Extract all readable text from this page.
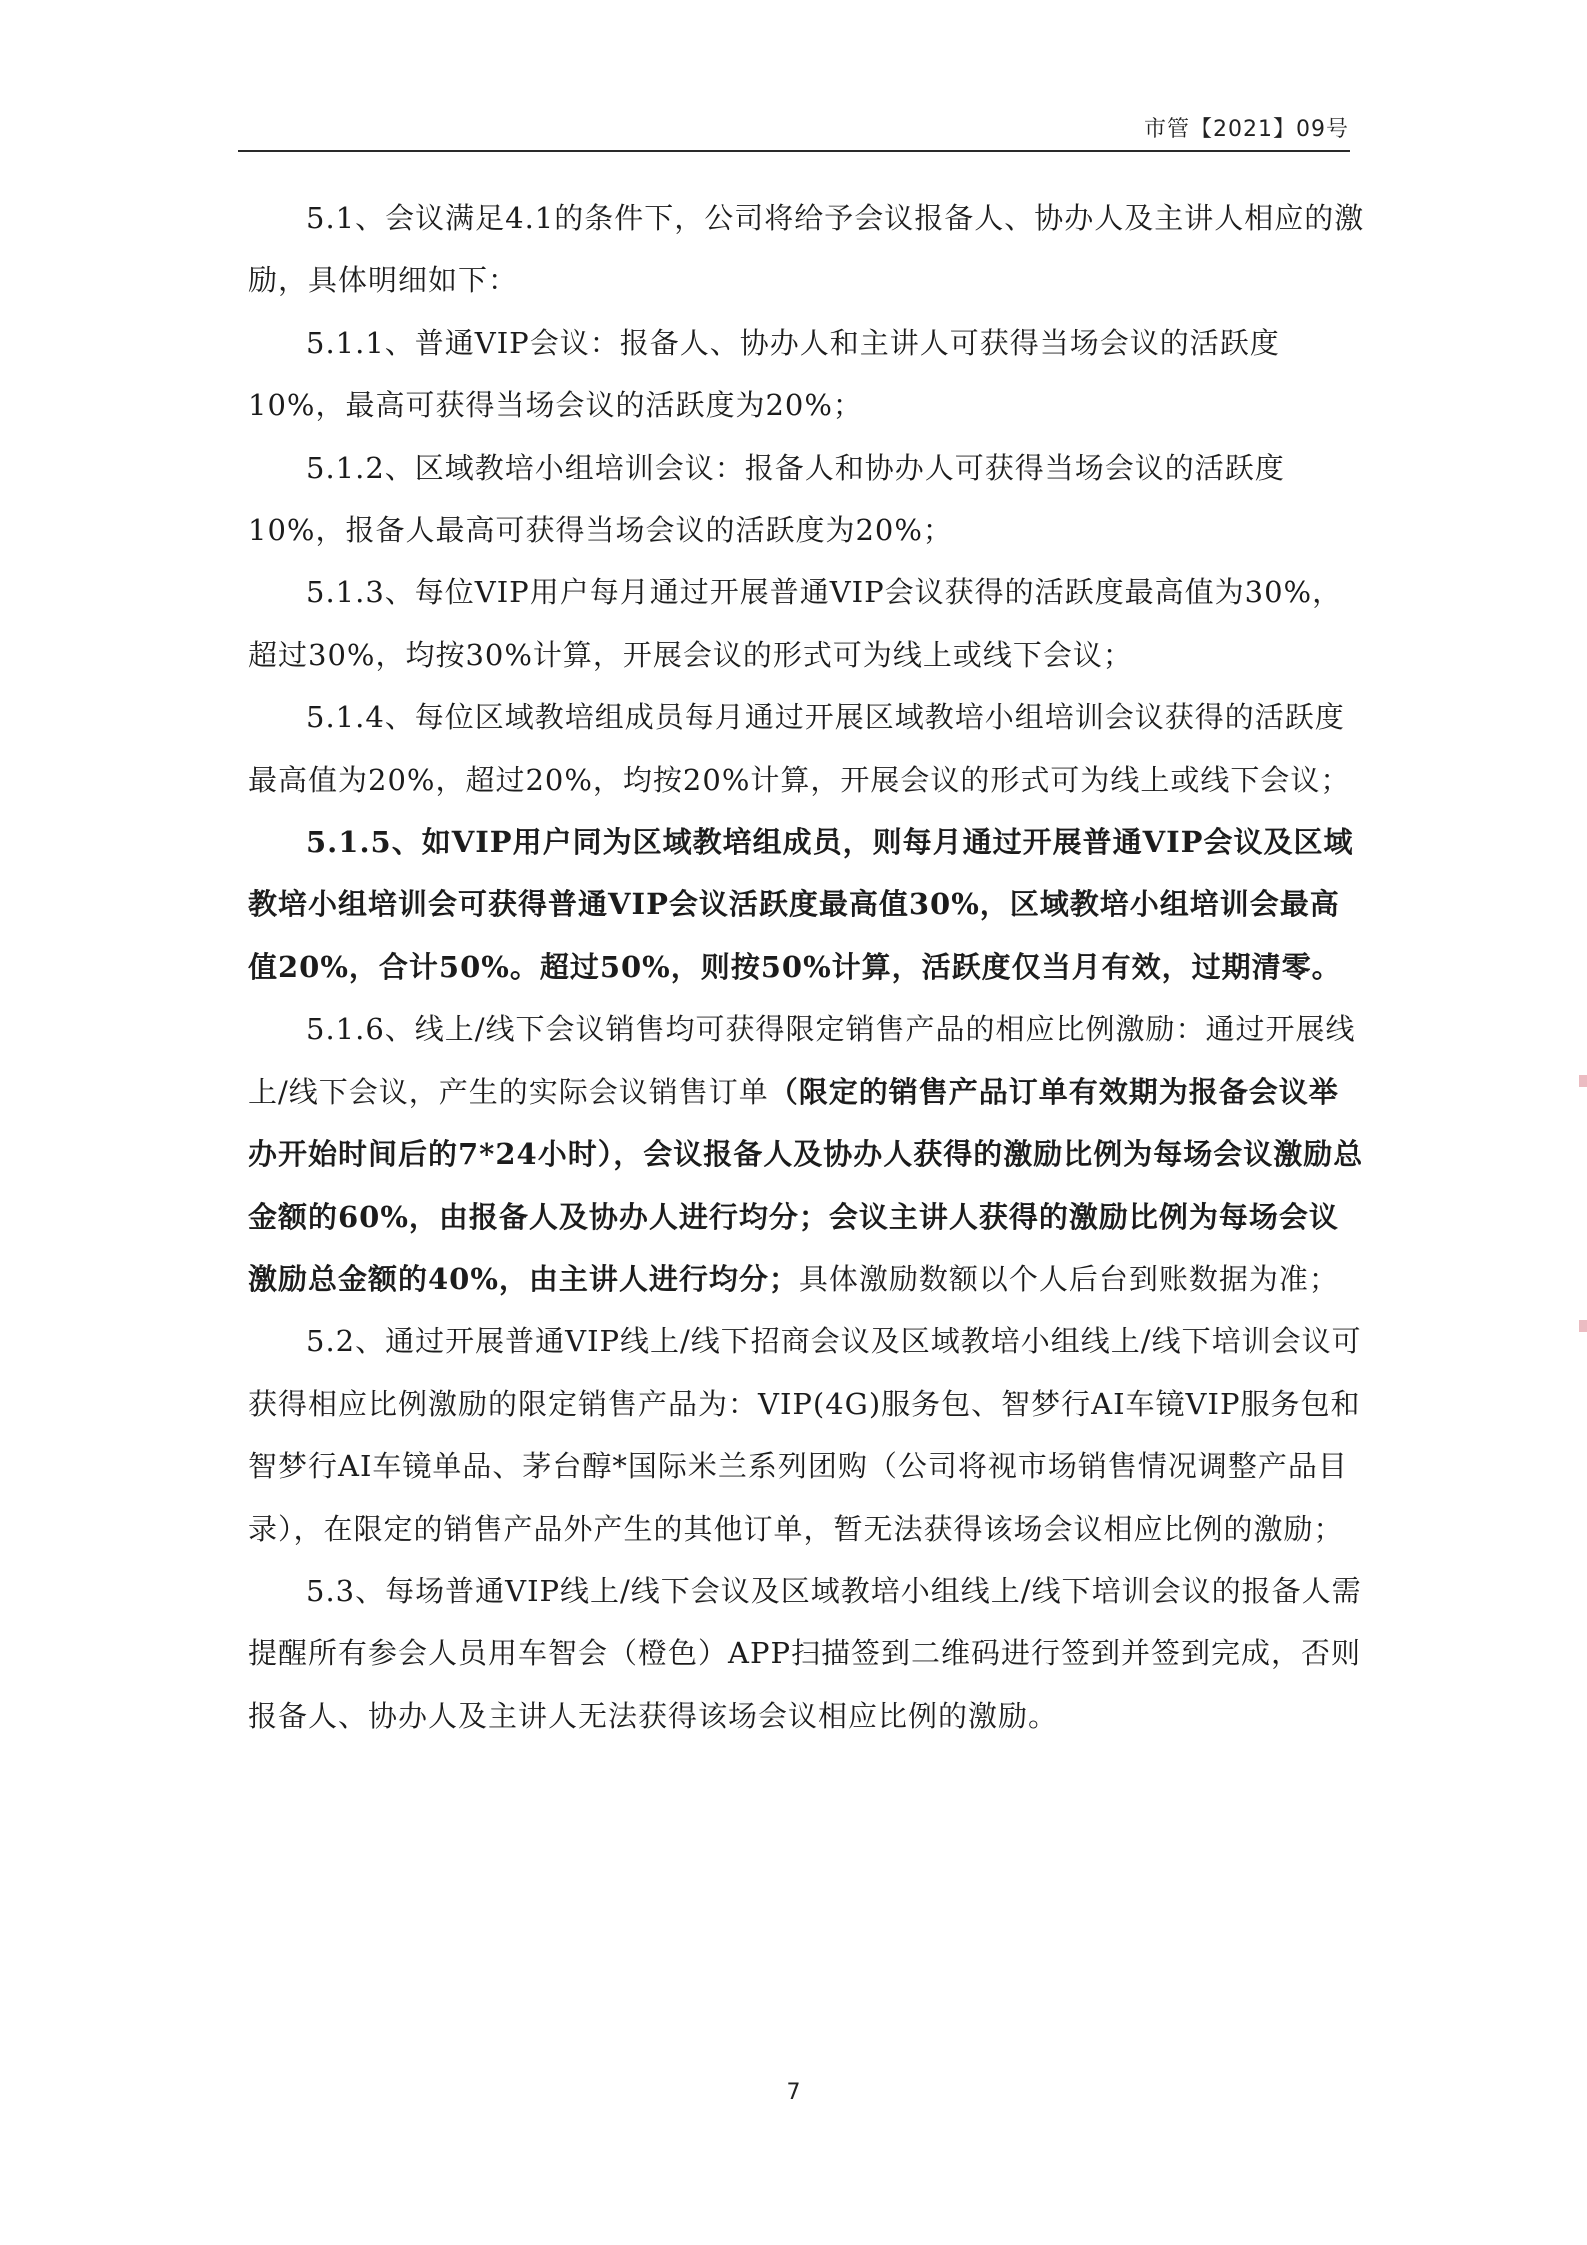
市管【2021】09号

5.1、会议满足4.1的条件下，公司将给予会议报备人、协办人及主讲人相应的激励，具体明细如下：

5.1.1、普通VIP会议：报备人、协办人和主讲人可获得当场会议的活跃度10%，最高可获得当场会议的活跃度为20%；

5.1.2、区域教培小组培训会议：报备人和协办人可获得当场会议的活跃度10%，报备人最高可获得当场会议的活跃度为20%；

5.1.3、每位VIP用户每月通过开展普通VIP会议获得的活跃度最高值为30%，超过30%，均按30%计算，开展会议的形式可为线上或线下会议；

5.1.4、每位区域教培组成员每月通过开展区域教培小组培训会议获得的活跃度最高值为20%，超过20%，均按20%计算，开展会议的形式可为线上或线下会议；

5.1.5、如VIP用户同为区域教培组成员，则每月通过开展普通VIP会议及区域教培小组培训会可获得普通VIP会议活跃度最高值30%，区域教培小组培训会最高值20%，合计50%。超过50%，则按50%计算，活跃度仅当月有效，过期清零。

5.1.6、线上/线下会议销售均可获得限定销售产品的相应比例激励：通过开展线上/线下会议，产生的实际会议销售订单（限定的销售产品订单有效期为报备会议举办开始时间后的7*24小时），会议报备人及协办人获得的激励比例为每场会议激励总金额的60%，由报备人及协办人进行均分；会议主讲人获得的激励比例为每场会议激励总金额的40%，由主讲人进行均分；具体激励数额以个人后台到账数据为准；

5.2、通过开展普通VIP线上/线下招商会议及区域教培小组线上/线下培训会议可获得相应比例激励的限定销售产品为：VIP(4G)服务包、智梦行AI车镜VIP服务包和智梦行AI车镜单品、茅台醇*国际米兰系列团购（公司将视市场销售情况调整产品目录），在限定的销售产品外产生的其他订单，暂无法获得该场会议相应比例的激励；

5.3、每场普通VIP线上/线下会议及区域教培小组线上/线下培训会议的报备人需提醒所有参会人员用车智会（橙色）APP扫描签到二维码进行签到并签到完成，否则报备人、协办人及主讲人无法获得该场会议相应比例的激励。

7
